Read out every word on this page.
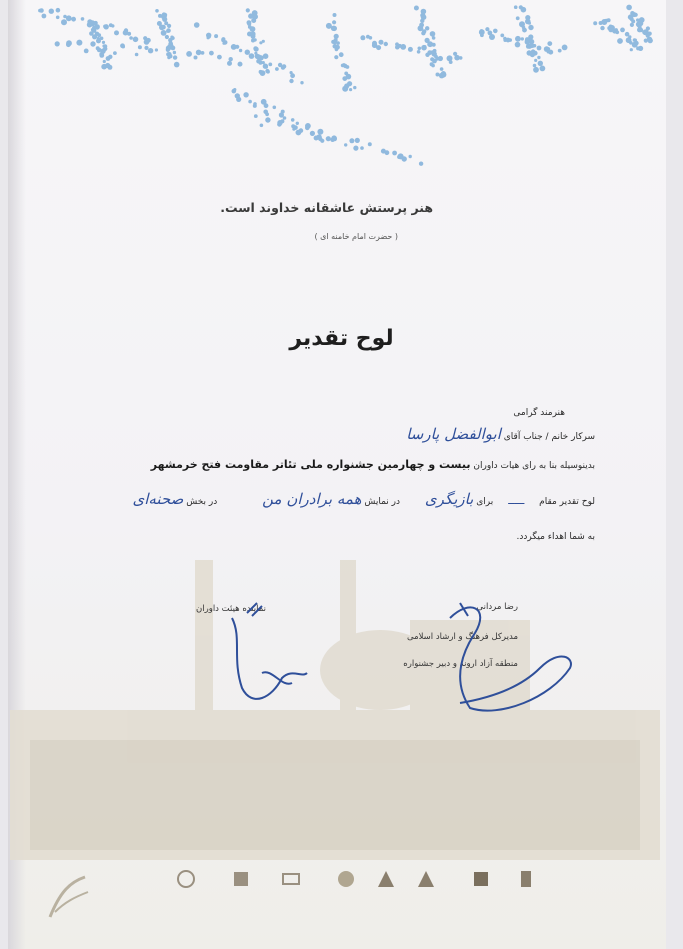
هنر پرستش عاشقانه خداوند است.
( حضرت امام خامنه ای )
لوح تقدیر
هنرمند گرامی
سرکار خانم / جناب آقای ابوالفضل پارسا
بدینوسیله بنا به رای هیات داوران بیست و چهارمین جشنواره ملی تئاتر مقاومت فتح خرمشهر
لوح تقدیر مقام ـــــ برای بازیگری در نمایش همه برادران من در بخش صحنه‌ای
به شما اهداء میگردد.
نماینده هیئت داوران	رضا مردانی
مدیرکل فرهنگ و ارشاد اسلامی
منطقه آزاد اروند و دبیر جشنواره
